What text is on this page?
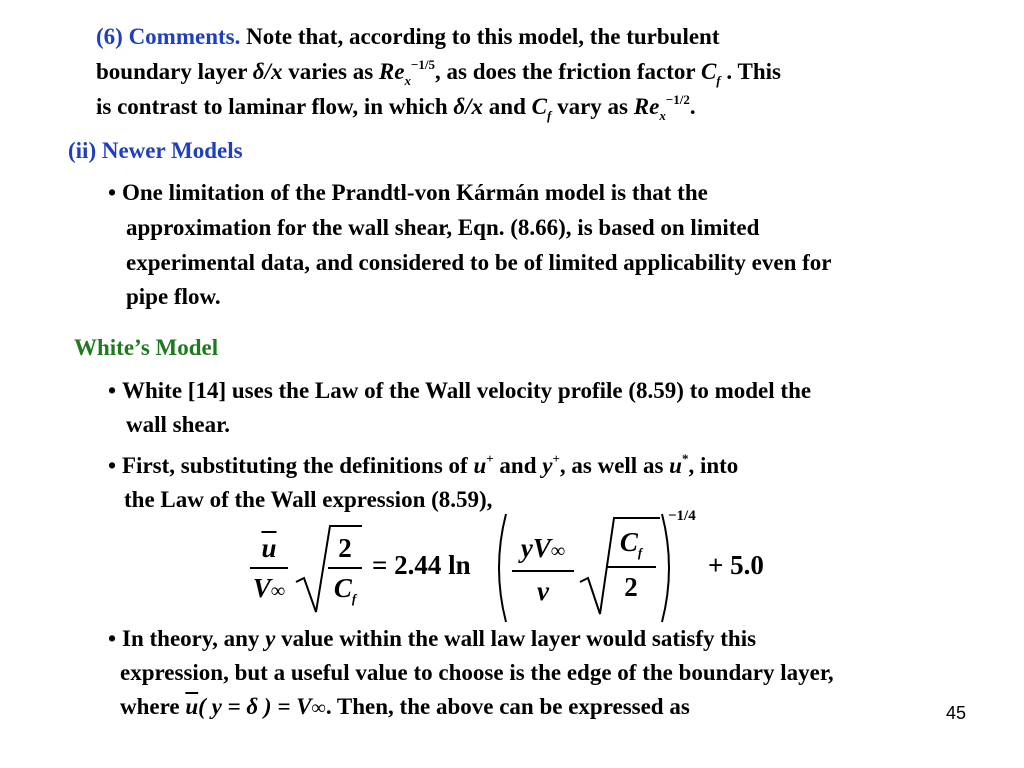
(6) Comments. Note that, according to this model, the turbulent
boundary layer δ/x varies as $Re_x^{-1/5}$, as does the friction factor $C_f$ . This
is contrast to laminar flow, in which δ/x and $C_f$ vary as $Re_x^{-1/2}$.
(ii) Newer Models
• One limitation of the Prandtl-von Kármán model is that the
approximation for the wall shear, Eqn. (8.66), is based on limited
experimental data, and considered to be of limited applicability even for
pipe flow.
White’s Model
• White [14] uses the Law of the Wall velocity profile (8.59) to model the
wall shear.
• First, substituting the definitions of u+ and y+, as well as u*, into
the Law of the Wall expression (8.59),
$\overline{u}$
V∞
2
$C_f$
= 2.44 ln
yV∞
ν
$C_f$
2
−1/4
+ 5.0
• In theory, any y value within the wall law layer would satisfy this
expression, but a useful value to choose is the edge of the boundary layer,
where $\overline{u}$( y = δ ) = V∞. Then, the above can be expressed as	45
